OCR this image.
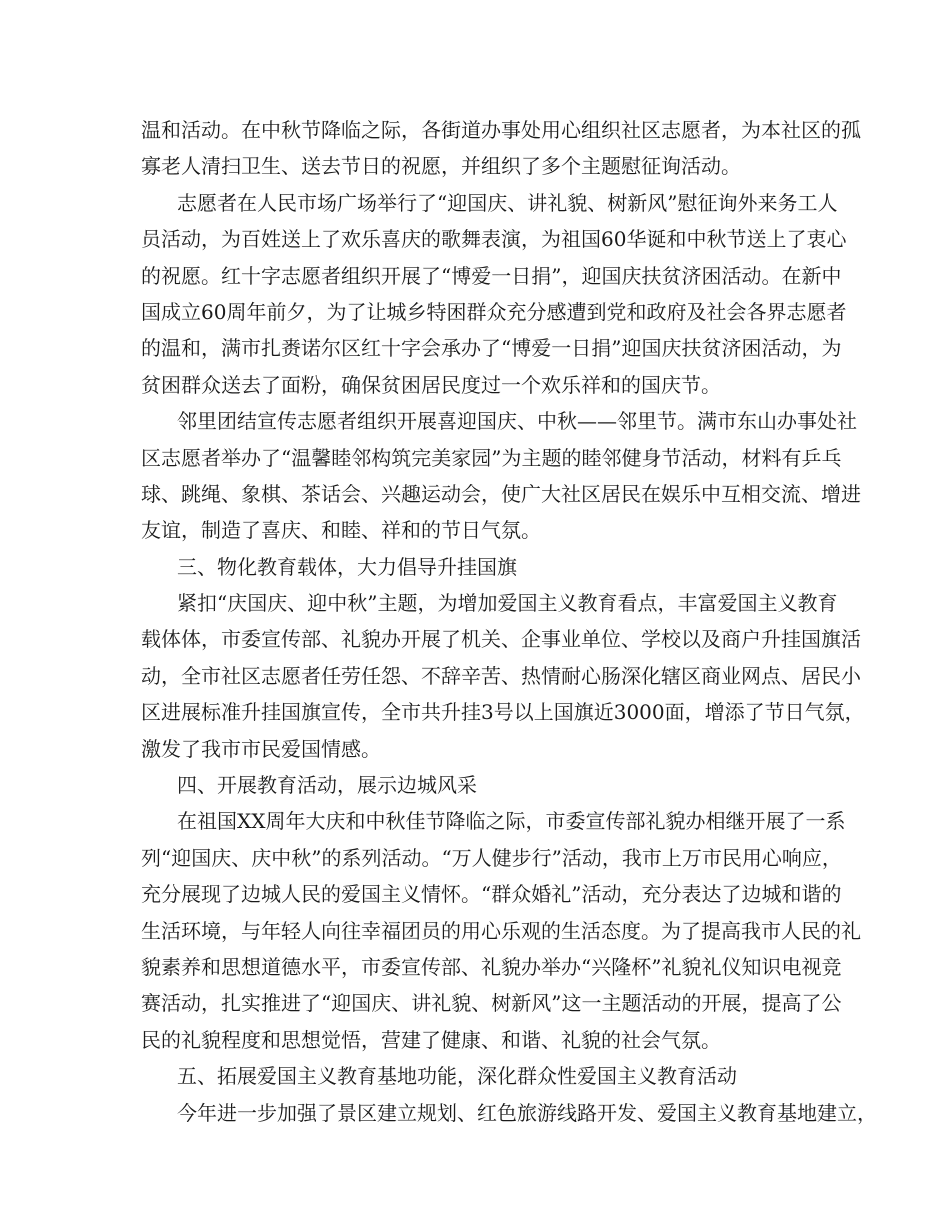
温和活动。在中秋节降临之际，各街道办事处用心组织社区志愿者，为本社区的孤
寡老人清扫卫生、送去节日的祝愿，并组织了多个主题慰征询活动。
志愿者在人民市场广场举行了“迎国庆、讲礼貌、树新风”慰征询外来务工人
员活动，为百姓送上了欢乐喜庆的歌舞表演，为祖国60华诞和中秋节送上了衷心
的祝愿。红十字志愿者组织开展了“博爱一日捐”，迎国庆扶贫济困活动。在新中
国成立60周年前夕，为了让城乡特困群众充分感遭到党和政府及社会各界志愿者
的温和，满市扎赉诺尔区红十字会承办了“博爱一日捐”迎国庆扶贫济困活动，为
贫困群众送去了面粉，确保贫困居民度过一个欢乐祥和的国庆节。
邻里团结宣传志愿者组织开展喜迎国庆、中秋——邻里节。满市东山办事处社
区志愿者举办了“温馨睦邻构筑完美家园”为主题的睦邻健身节活动，材料有乒乓
球、跳绳、象棋、茶话会、兴趣运动会，使广大社区居民在娱乐中互相交流、增进
友谊，制造了喜庆、和睦、祥和的节日气氛。
三、物化教育载体，大力倡导升挂国旗
紧扣“庆国庆、迎中秋”主题，为增加爱国主义教育看点，丰富爱国主义教育
载体体，市委宣传部、礼貌办开展了机关、企事业单位、学校以及商户升挂国旗活
动，全市社区志愿者任劳任怨、不辞辛苦、热情耐心肠深化辖区商业网点、居民小
区进展标准升挂国旗宣传，全市共升挂3号以上国旗近3000面，增添了节日气氛，
激发了我市市民爱国情感。
四、开展教育活动，展示边城风采
在祖国XX周年大庆和中秋佳节降临之际，市委宣传部礼貌办相继开展了一系
列“迎国庆、庆中秋”的系列活动。“万人健步行”活动，我市上万市民用心响应，
充分展现了边城人民的爱国主义情怀。“群众婚礼”活动，充分表达了边城和谐的
生活环境，与年轻人向往幸福团员的用心乐观的生活态度。为了提高我市人民的礼
貌素养和思想道德水平，市委宣传部、礼貌办举办“兴隆杯”礼貌礼仪知识电视竞
赛活动，扎实推进了“迎国庆、讲礼貌、树新风”这一主题活动的开展，提高了公
民的礼貌程度和思想觉悟，营建了健康、和谐、礼貌的社会气氛。
五、拓展爱国主义教育基地功能，深化群众性爱国主义教育活动
今年进一步加强了景区建立规划、红色旅游线路开发、爱国主义教育基地建立，
